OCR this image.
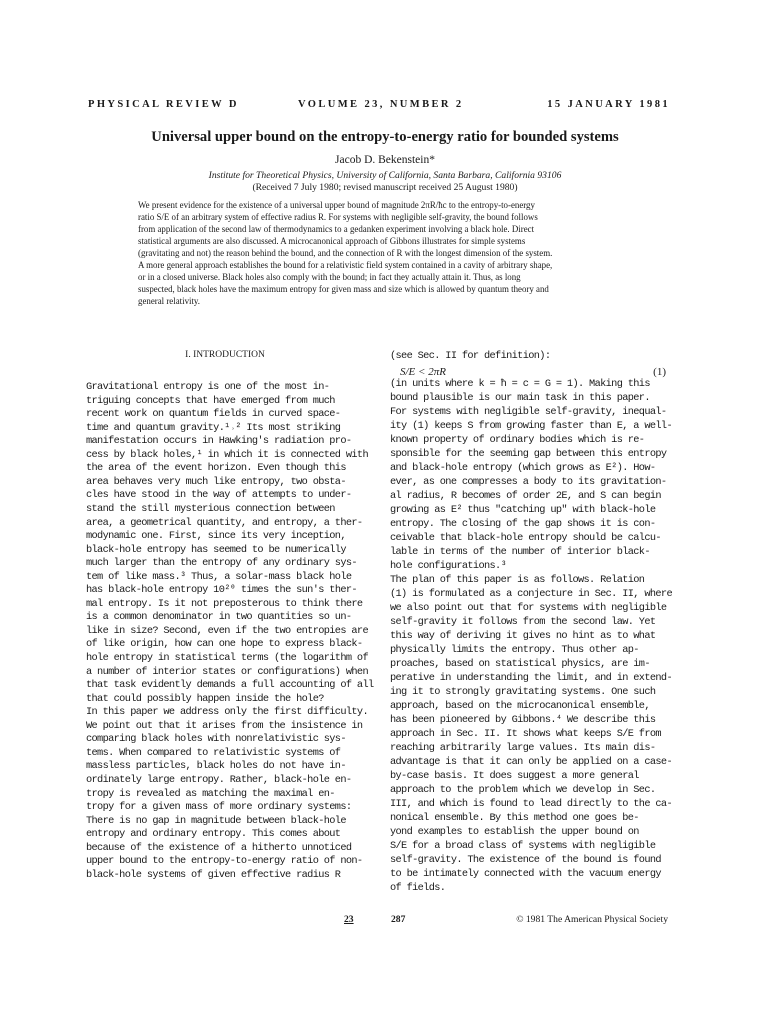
PHYSICAL REVIEW D	VOLUME 23, NUMBER 2	15 JANUARY 1981
Universal upper bound on the entropy-to-energy ratio for bounded systems
Jacob D. Bekenstein*
Institute for Theoretical Physics, University of California, Santa Barbara, California 93106
(Received 7 July 1980; revised manuscript received 25 August 1980)
We present evidence for the existence of a universal upper bound of magnitude 2πR/ħc to the entropy-to-energy
ratio S/E of an arbitrary system of effective radius R. For systems with negligible self-gravity, the bound follows
from application of the second law of thermodynamics to a gedanken experiment involving a black hole. Direct
statistical arguments are also discussed. A microcanonical approach of Gibbons illustrates for simple systems
(gravitating and not) the reason behind the bound, and the connection of R with the longest dimension of the system.
A more general approach establishes the bound for a relativistic field system contained in a cavity of arbitrary shape,
or in a closed universe. Black holes also comply with the bound; in fact they actually attain it. Thus, as long
suspected, black holes have the maximum entropy for given mass and size which is allowed by quantum theory and
general relativity.
I. INTRODUCTION
Gravitational entropy is one of the most in-
triguing concepts that have emerged from much
recent work on quantum fields in curved space-
time and quantum gravity.¹˒² Its most striking
manifestation occurs in Hawking's radiation pro-
cess by black holes,¹ in which it is connected with
the area of the event horizon. Even though this
area behaves very much like entropy, two obsta-
cles have stood in the way of attempts to under-
stand the still mysterious connection between
area, a geometrical quantity, and entropy, a ther-
modynamic one. First, since its very inception,
black-hole entropy has seemed to be numerically
much larger than the entropy of any ordinary sys-
tem of like mass.³ Thus, a solar-mass black hole
has black-hole entropy 10²⁰ times the sun's ther-
mal entropy. Is it not preposterous to think there
is a common denominator in two quantities so un-
like in size? Second, even if the two entropies are
of like origin, how can one hope to express black-
hole entropy in statistical terms (the logarithm of
a number of interior states or configurations) when
that task evidently demands a full accounting of all
that could possibly happen inside the hole?
In this paper we address only the first difficulty.
We point out that it arises from the insistence in
comparing black holes with nonrelativistic sys-
tems. When compared to relativistic systems of
massless particles, black holes do not have in-
ordinately large entropy. Rather, black-hole en-
tropy is revealed as matching the maximal en-
tropy for a given mass of more ordinary systems:
There is no gap in magnitude between black-hole
entropy and ordinary entropy. This comes about
because of the existence of a hitherto unnoticed
upper bound to the entropy-to-energy ratio of non-
black-hole systems of given effective radius R
S/E < 2πR	(1)
(see Sec. II for definition):
(in units where k = ħ = c = G = 1). Making this
bound plausible is our main task in this paper.
For systems with negligible self-gravity, inequal-
ity (1) keeps S from growing faster than E, a well-
known property of ordinary bodies which is re-
sponsible for the seeming gap between this entropy
and black-hole entropy (which grows as E²). How-
ever, as one compresses a body to its gravitation-
al radius, R becomes of order 2E, and S can begin
growing as E² thus "catching up" with black-hole
entropy. The closing of the gap shows it is con-
ceivable that black-hole entropy should be calcu-
lable in terms of the number of interior black-
hole configurations.³
The plan of this paper is as follows. Relation
(1) is formulated as a conjecture in Sec. II, where
we also point out that for systems with negligible
self-gravity it follows from the second law. Yet
this way of deriving it gives no hint as to what
physically limits the entropy. Thus other ap-
proaches, based on statistical physics, are im-
perative in understanding the limit, and in extend-
ing it to strongly gravitating systems. One such
approach, based on the microcanonical ensemble,
has been pioneered by Gibbons.⁴ We describe this
approach in Sec. II. It shows what keeps S/E from
reaching arbitrarily large values. Its main dis-
advantage is that it can only be applied on a case-
by-case basis. It does suggest a more general
approach to the problem which we develop in Sec.
III, and which is found to lead directly to the ca-
nonical ensemble. By this method one goes be-
yond examples to establish the upper bound on
S/E for a broad class of systems with negligible
self-gravity. The existence of the bound is found
to be intimately connected with the vacuum energy
of fields.
23	287	© 1981 The American Physical Society
